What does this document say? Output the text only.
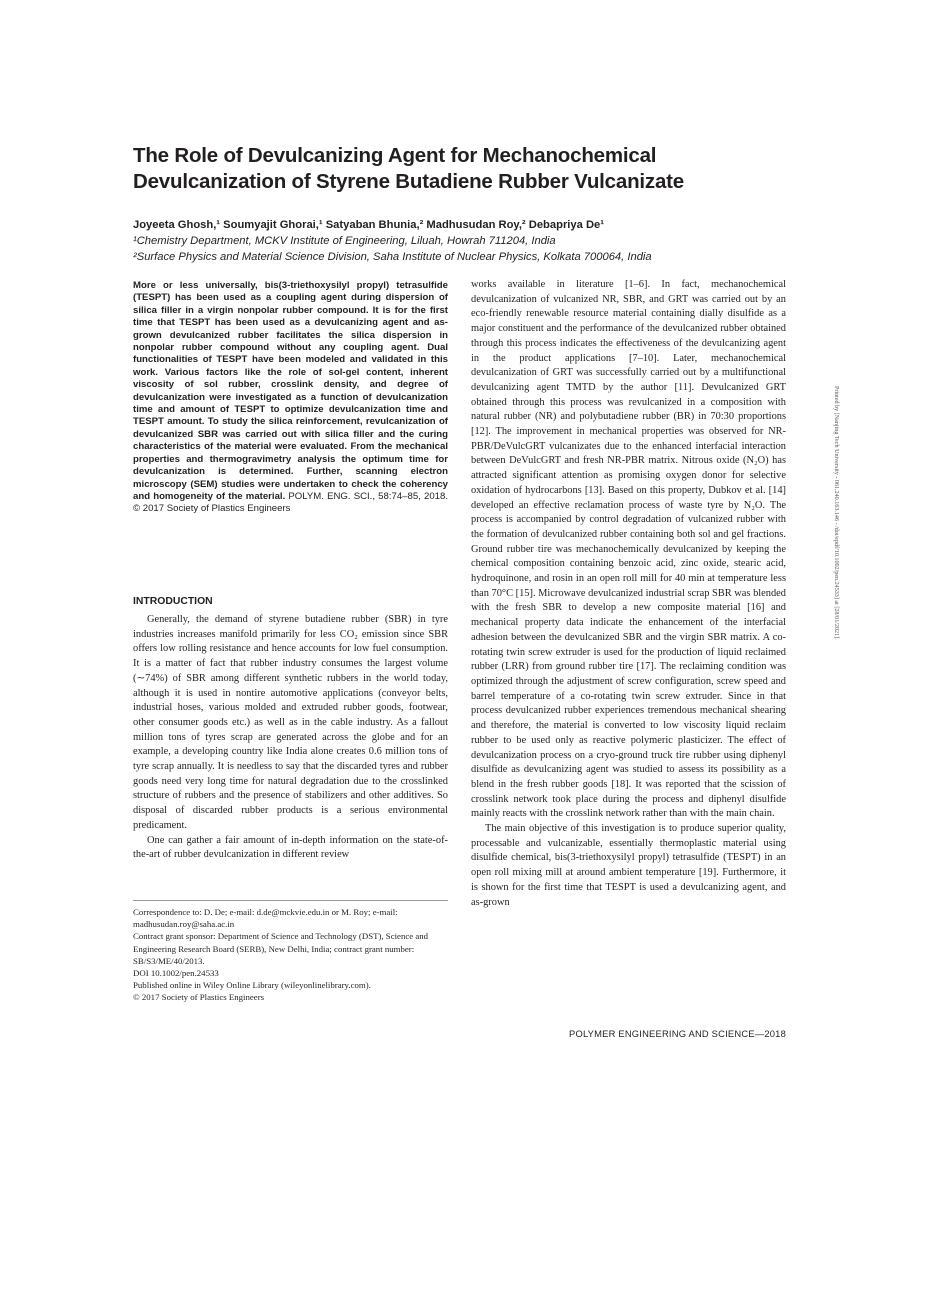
The Role of Devulcanizing Agent for Mechanochemical
Devulcanization of Styrene Butadiene Rubber Vulcanizate
Joyeeta Ghosh,¹ Soumyajit Ghorai,¹ Satyaban Bhunia,² Madhusudan Roy,² Debapriya De¹
¹Chemistry Department, MCKV Institute of Engineering, Liluah, Howrah 711204, India
²Surface Physics and Material Science Division, Saha Institute of Nuclear Physics, Kolkata 700064, India

More or less universally, bis(3-triethoxysilyl propyl) tetrasulfide (TESPT) has been used as a coupling agent during dispersion of silica filler in a virgin nonpolar rubber compound. It is for the first time that TESPT has been used as a devulcanizing agent and as-grown devulcanized rubber facilitates the silica dispersion in nonpolar rubber compound without any coupling agent. Dual functionalities of TESPT have been modeled and validated in this work. Various factors like the role of sol-gel content, inherent viscosity of sol rubber, crosslink density, and degree of devulcanization were investigated as a function of devulcanization time and amount of TESPT to optimize devulcanization time and TESPT amount. To study the silica reinforcement, revulcanization of devulcanized SBR was carried out with silica filler and the curing characteristics of the material were evaluated. From the mechanical properties and thermogravimetry analysis the optimum time for devulcanization is determined. Further, scanning electron microscopy (SEM) studies were undertaken to check the coherency and homogeneity of the material. POLYM. ENG. SCI., 58:74–85, 2018. © 2017 Society of Plastics Engineers

INTRODUCTION

Generally, the demand of styrene butadiene rubber (SBR) in tyre industries increases manifold primarily for less CO₂ emission since SBR offers low rolling resistance and hence accounts for low fuel consumption. It is a matter of fact that rubber industry consumes the largest volume (∼74%) of SBR among different synthetic rubbers in the world today, although it is used in nontire automotive applications (conveyor belts, industrial hoses, various molded and extruded rubber goods, footwear, other consumer goods etc.) as well as in the cable industry. As a fallout million tons of tyres scrap are generated across the globe and for an example, a developing country like India alone creates 0.6 million tons of tyre scrap annually. It is needless to say that the discarded tyres and rubber goods need very long time for natural degradation due to the crosslinked structure of rubbers and the presence of stabilizers and other additives. So disposal of discarded rubber products is a serious environmental predicament.

One can gather a fair amount of in-depth information on the state-of-the-art of rubber devulcanization in different review

Correspondence to: D. De; e-mail: d.de@mckvie.edu.in or M. Roy; e-mail: madhusudan.roy@saha.ac.in
Contract grant sponsor: Department of Science and Technology (DST), Science and Engineering Research Board (SERB), New Delhi, India; contract grant number: SB/S3/ME/40/2013.
DOI 10.1002/pen.24533
Published online in Wiley Online Library (wileyonlinelibrary.com).
© 2017 Society of Plastics Engineers

works available in literature [1–6]. In fact, mechanochemical devulcanization of vulcanized NR, SBR, and GRT was carried out by an eco-friendly renewable resource material containing dially disulfide as a major constituent and the performance of the devulcanized rubber obtained through this process indicates the effectiveness of the devulcanizing agent in the product applications [7–10]. Later, mechanochemical devulcanization of GRT was successfully carried out by a multifunctional devulcanizing agent TMTD by the author [11]. Devulcanized GRT obtained through this process was revulcanized in a composition with natural rubber (NR) and polybutadiene rubber (BR) in 70:30 proportions [12]. The improvement in mechanical properties was observed for NR-PBR/DeVulcGRT vulcanizates due to the enhanced interfacial interaction between DeVulcGRT and fresh NR-PBR matrix. Nitrous oxide (N₂O) has attracted significant attention as promising oxygen donor for selective oxidation of hydrocarbons [13]. Based on this property, Dubkov et al. [14] developed an effective reclamation process of waste tyre by N₂O. The process is accompanied by control degradation of vulcanized rubber with the formation of devulcanized rubber containing both sol and gel fractions. Ground rubber tire was mechanochemically devulcanized by keeping the chemical composition containing benzoic acid, zinc oxide, stearic acid, hydroquinone, and rosin in an open roll mill for 40 min at temperature less than 70°C [15]. Microwave devulcanized industrial scrap SBR was blended with the fresh SBR to develop a new composite material [16] and mechanical property data indicate the enhancement of the interfacial adhesion between the devulcanized SBR and the virgin SBR matrix. A co-rotating twin screw extruder is used for the production of liquid reclaimed rubber (LRR) from ground rubber tire [17]. The reclaiming condition was optimized through the adjustment of screw configuration, screw speed and barrel temperature of a co-rotating twin screw extruder. Since in that process devulcanized rubber experiences tremendous mechanical shearing and therefore, the material is converted to low viscosity liquid reclaim rubber to be used only as reactive polymeric plasticizer. The effect of devulcanization process on a cryo-ground truck tire rubber using diphenyl disulfide as devulcanizing agent was studied to assess its possibility as a blend in the fresh rubber goods [18]. It was reported that the scission of crosslink network took place during the process and diphenyl disulfide mainly reacts with the crosslink network rather than with the main chain.

The main objective of this investigation is to produce superior quality, processable and vulcanizable, essentially thermoplastic material using disulfide chemical, bis(3-triethoxysilyl propyl) tetrasulfide (TESPT) in an open roll mixing mill at around ambient temperature [19]. Furthermore, it is shown for the first time that TESPT is used a devulcanizing agent, and as-grown

POLYMER ENGINEERING AND SCIENCE—2018
Printed by [Nanjing Tech University - 061.240.163.146 - /doi/epdf/10.1002/pen.24533] at [28/01/2021].
